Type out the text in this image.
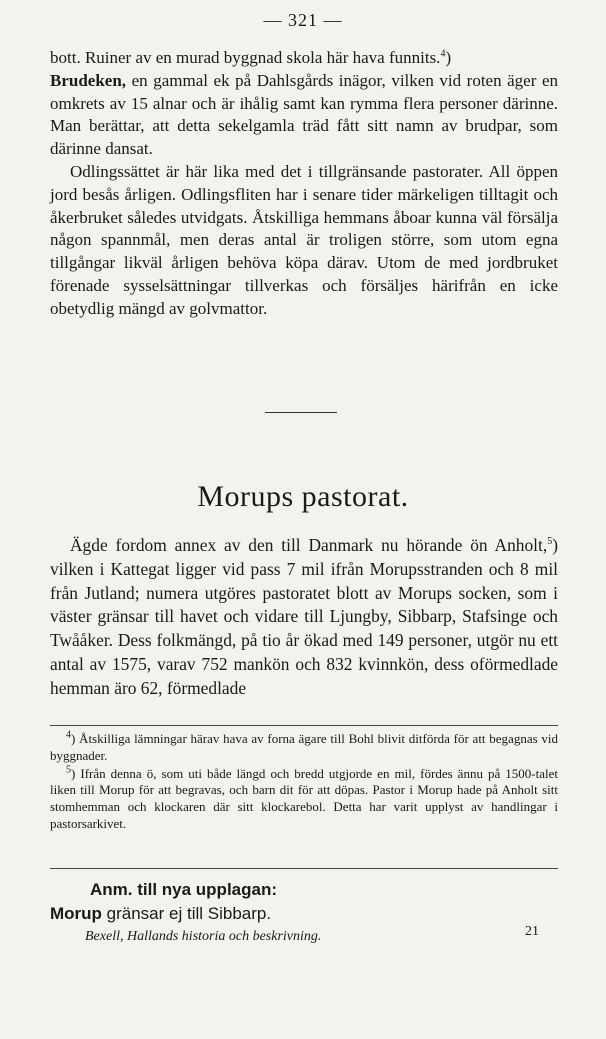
— 321 —

bott. Ruiner av en murad byggnad skola här hava funnits.$^4$)

Brudeken, en gammal ek på Dahlsgårds inägor, vilken vid roten äger en omkrets av 15 alnar och är ihålig samt kan rymma flera personer därinne. Man berättar, att detta sekelgamla träd fått sitt namn av brudpar, som därinne dansat.

Odlingssättet är här lika med det i tillgränsande pastorater. All öppen jord besås årligen. Odlingsfliten har i senare tider märkeligen tilltagit och åkerbruket således utvidgats. Åtskilliga hemmans åboar kunna väl försälja någon spannmål, men deras antal är troligen större, som utom egna tillgångar likväl årligen behöva köpa därav. Utom de med jordbruket förenade sysselsättningar tillverkas och försäljes härifrån en icke obetydlig mängd av golvmattor.

Morups pastorat.

Ägde fordom annex av den till Danmark nu hörande ön Anholt,$^5$) vilken i Kattegat ligger vid pass 7 mil ifrån Morupsstranden och 8 mil från Jutland; numera utgöres pastoratet blott av Morups socken, som i väster gränsar till havet och vidare till Ljungby, Sibbarp, Stafsinge och Twååker. Dess folkmängd, på tio år ökad med 149 personer, utgör nu ett antal av 1575, varav 752 mankön och 832 kvinnkön, dess oförmedlade hemman äro 62, förmedlade

$^4$) Åtskilliga lämningar härav hava av forna ägare till Bohl blivit ditförda för att begagnas vid byggnader.

$^5$) Ifrån denna ö, som uti både längd och bredd utgjorde en mil, fördes ännu på 1500-talet liken till Morup för att begravas, och barn dit för att döpas. Pastor i Morup hade på Anholt sitt stomhemman och klockaren där sitt klockarebol. Detta har varit upplyst av handlingar i pastorsarkivet.

Anm. till nya upplagan:
Morup gränsar ej till Sibbarp.
Bexell, Hallands historia och beskrivning.	21
